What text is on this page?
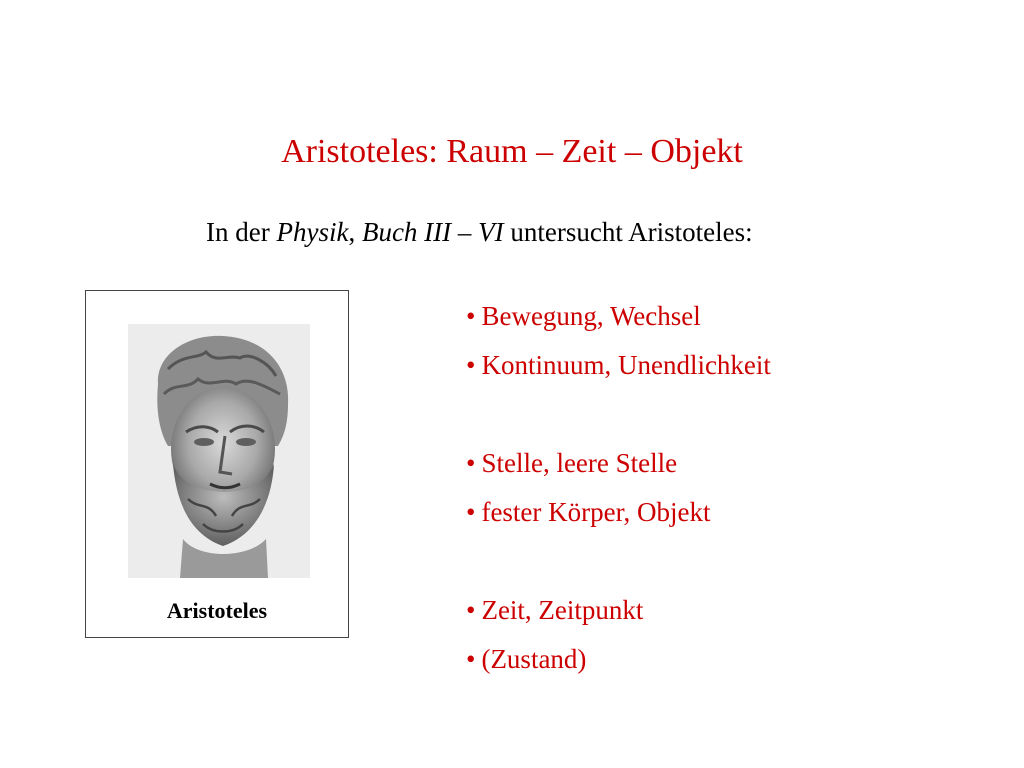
Aristoteles: Raum – Zeit – Objekt
In der Physik, Buch III – VI untersucht Aristoteles:
Aristoteles
• Bewegung, Wechsel
• Kontinuum, Unendlichkeit
• Stelle, leere Stelle
• fester Körper, Objekt
• Zeit, Zeitpunkt
• (Zustand)
